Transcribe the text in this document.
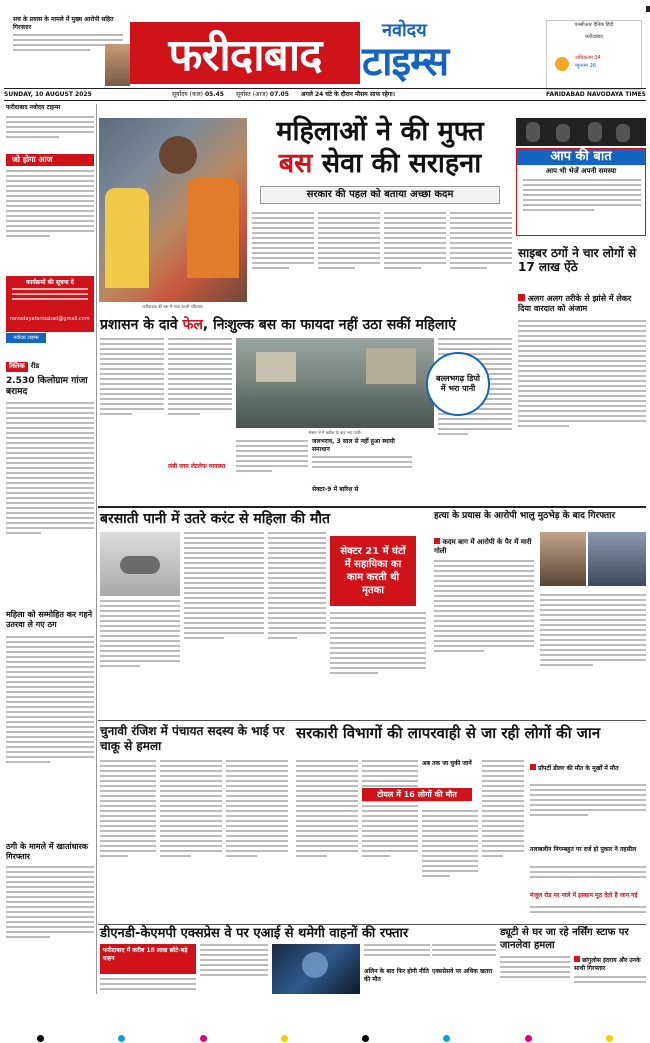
सच के प्रयास के मामले में मुख्य आरोपी सहित गिरफ्तार
फरीदाबाद	नवोदय
टाइम्स
एनसीआर दैनिक हिंदी
फरीदाबाद
अधिकतम 34
न्यूनतम 26
SUNDAY, 10 AUGUST 2025	सूर्योदय (कल) 05.45 सूर्यास्त (आज) 07.05 अगले 24 घंटे के दौरान मौसम साफ रहेगा।	FARIDABAD NAVODAYA TIMES
फरीदाबाद नवोदय टाइम्स
जो होगा आज
कार्यक्रमों की सूचना दें
navodayafaridabad@gmail.com
नवोदय टाइम्स
क्लिक रीड
2.530 किलोग्राम गांजा बरामद
महिला को सम्मोहित कर गहने उतरवा ले गए ठग
ठगी के मामले में खातांधारक गिरफ्तार
फरीदाबाद की बस में यात्रा करती महिलाएं।
महिलाओं ने की मुफ्त
बस सेवा की सराहना
सरकार की पहल को बताया अच्छा कदम
आप की बात
आप भी भेजें अपनी समस्या
साइबर ठगों ने चार लोगों से 17 लाख ऐंठे
अलग अलग तरीके से झांसे में लेकर दिया वारदात को अंजाम
प्रशासन के दावे फेल, निःशुल्क बस का फायदा नहीं उठा सकीं महिलाएं
लंबी जाम लेटलेफ व्यवस्था
सेक्टर 9 में बारिश के बाद भरा पानी।
जलभराव, 3 साल से नहीं हुआ स्थायी समाधान
सेक्टर-9 में बारिश से
बल्लभगढ़ डिपो में भरा पानी
बरसाती पानी में उतरे करंट से महिला की मौत
सेक्टर 21 में घंटों में सहायिका का काम करती थी मृतका
हत्या के प्रयास के आरोपी भालु मुठभेड़ के बाद गिरफ्तार
कदम बाग में आरोपी के पैर में मारी गोली
चुनावी रंजिश में पंचायत सदस्य के भाई पर चाकू से हमला
सरकारी विभागों की लापरवाही से जा रही लोगों की जान
टोयल में 16 लोगों की मौत
अब तक जा चुकी जानें
प्रॉपर्टी डीलर की मौत के मूर्खों में मौत
तलाबलीन निगम्बहुत पर दर्ज हो पुकार ने तहसील
मंजूल रोड पर नाले में इस्कान मूठ देतो है जान गई
डीएनडी-केएमपी एक्सप्रेस वे पर एआई से थमेगी वाहनों की रफ्तार
फरीदाबाद में करीब 18 लाख छोटे-बड़े वाहन
अलिन के बाद फिर होगी नीति की मौत
एक्सप्रेसवे पर अधिक खतरा
ड्यूटी से घर जा रहे नर्सिंग स्टाफ पर जानलेवा हमला
छांगुलोस इंदराय और उनके साथी गिरफ्तार
